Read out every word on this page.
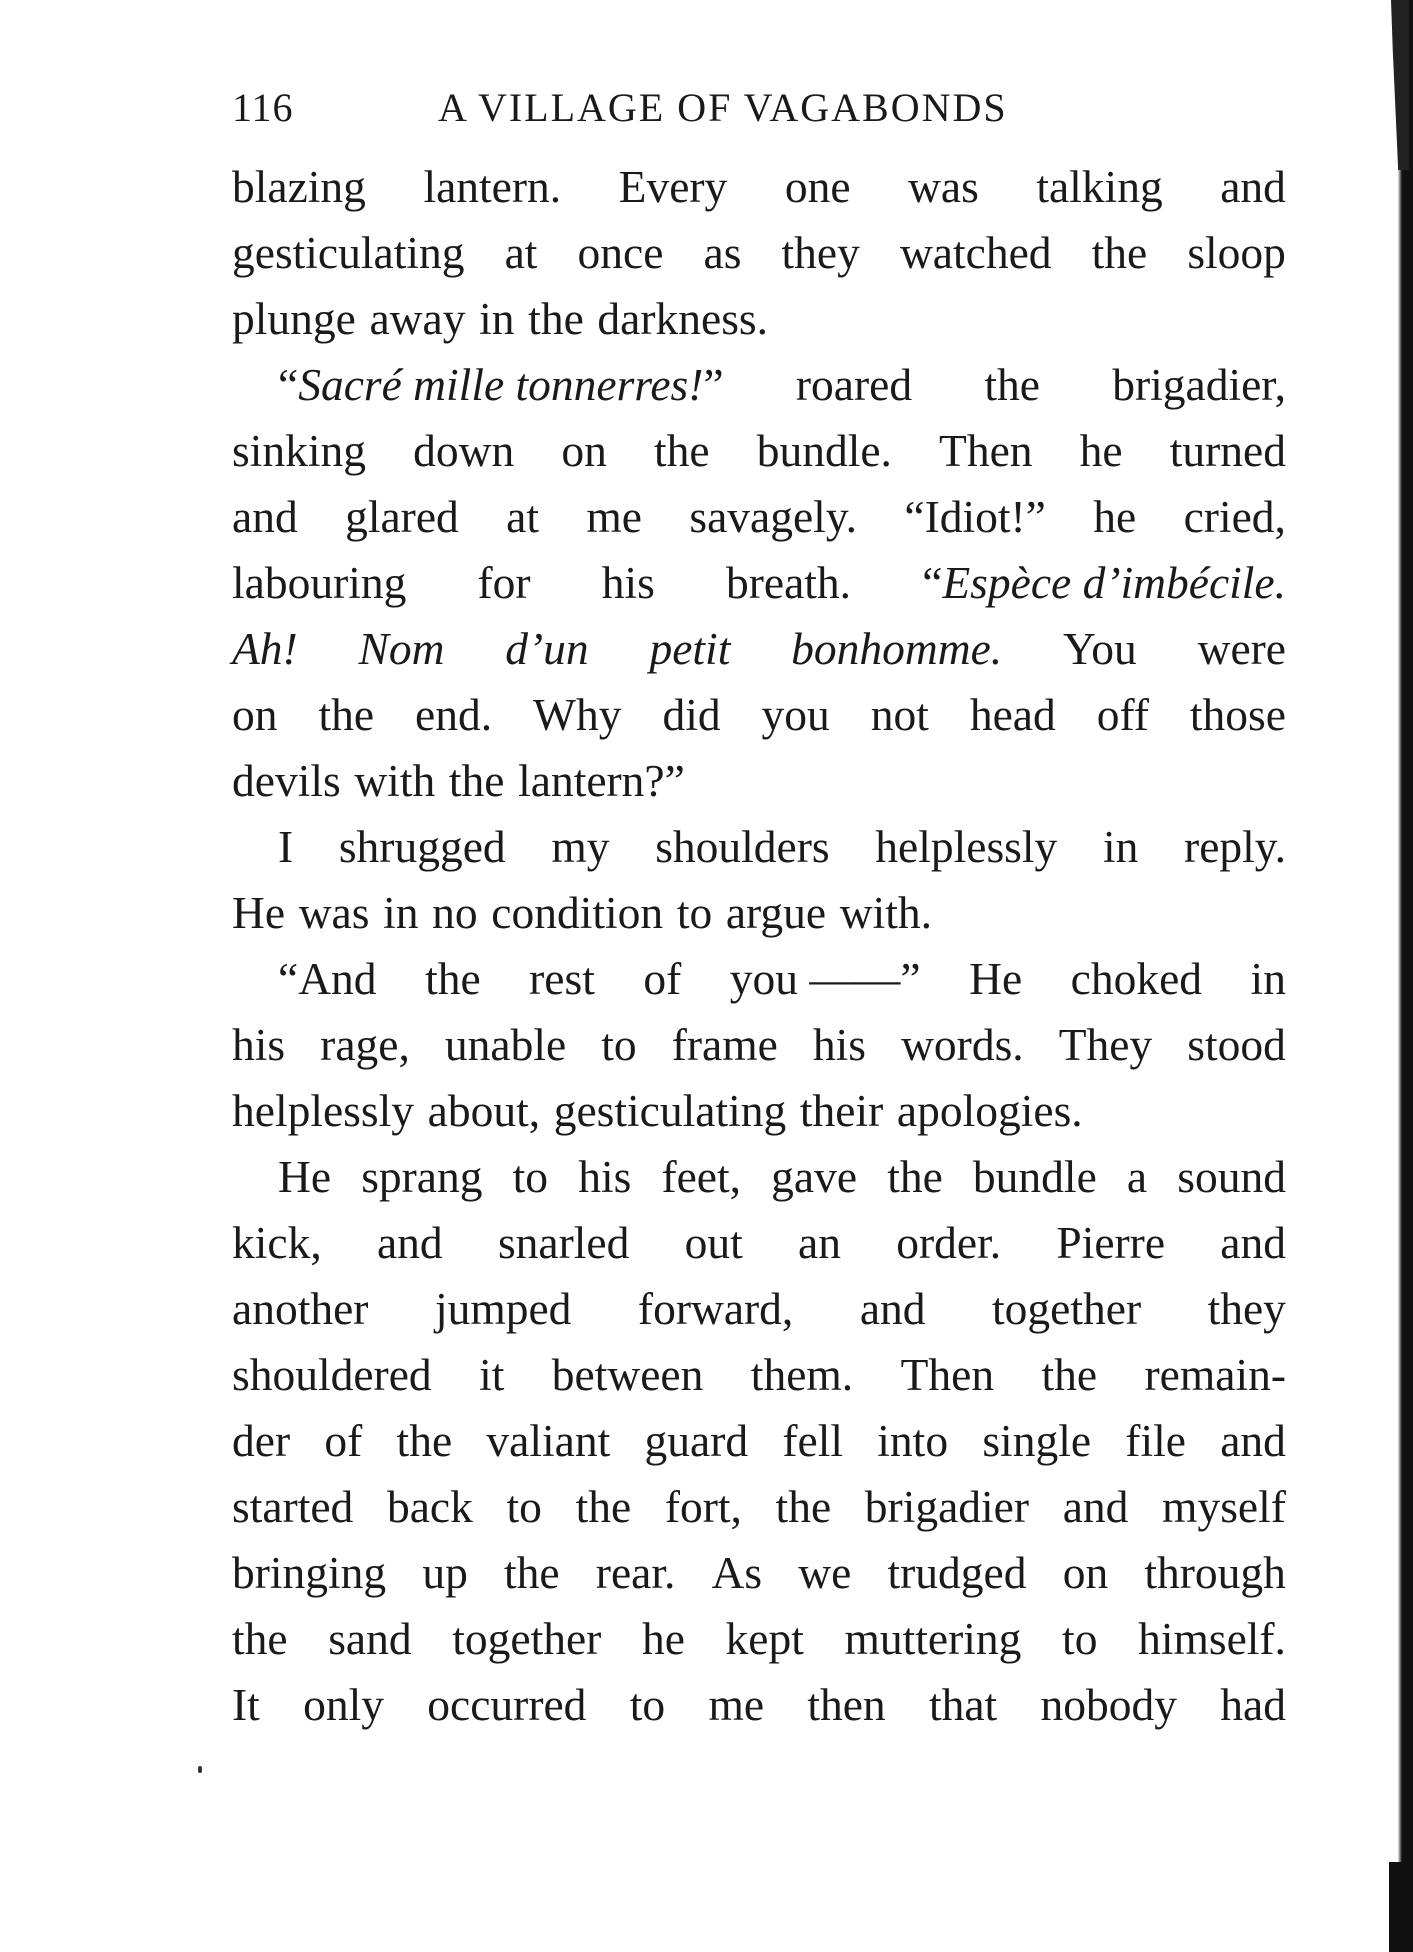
116	A VILLAGE OF VAGABONDS
blazing lantern. Every one was talking and
gesticulating at once as they watched the sloop
plunge away in the darkness.
“Sacré mille tonnerres!” roared the brigadier,
sinking down on the bundle. Then he turned
and glared at me savagely. “Idiot!” he cried,
labouring for his breath. “Espèce d’imbécile.
Ah! Nom d’un petit bonhomme. You were
on the end. Why did you not head off those
devils with the lantern?”
I shrugged my shoulders helplessly in reply.
He was in no condition to argue with.
“And the rest of you ——” He choked in
his rage, unable to frame his words. They stood
helplessly about, gesticulating their apologies.
He sprang to his feet, gave the bundle a sound
kick, and snarled out an order. Pierre and
another jumped forward, and together they
shouldered it between them. Then the remain-
der of the valiant guard fell into single file and
started back to the fort, the brigadier and myself
bringing up the rear. As we trudged on through
the sand together he kept muttering to himself.
It only occurred to me then that nobody had
